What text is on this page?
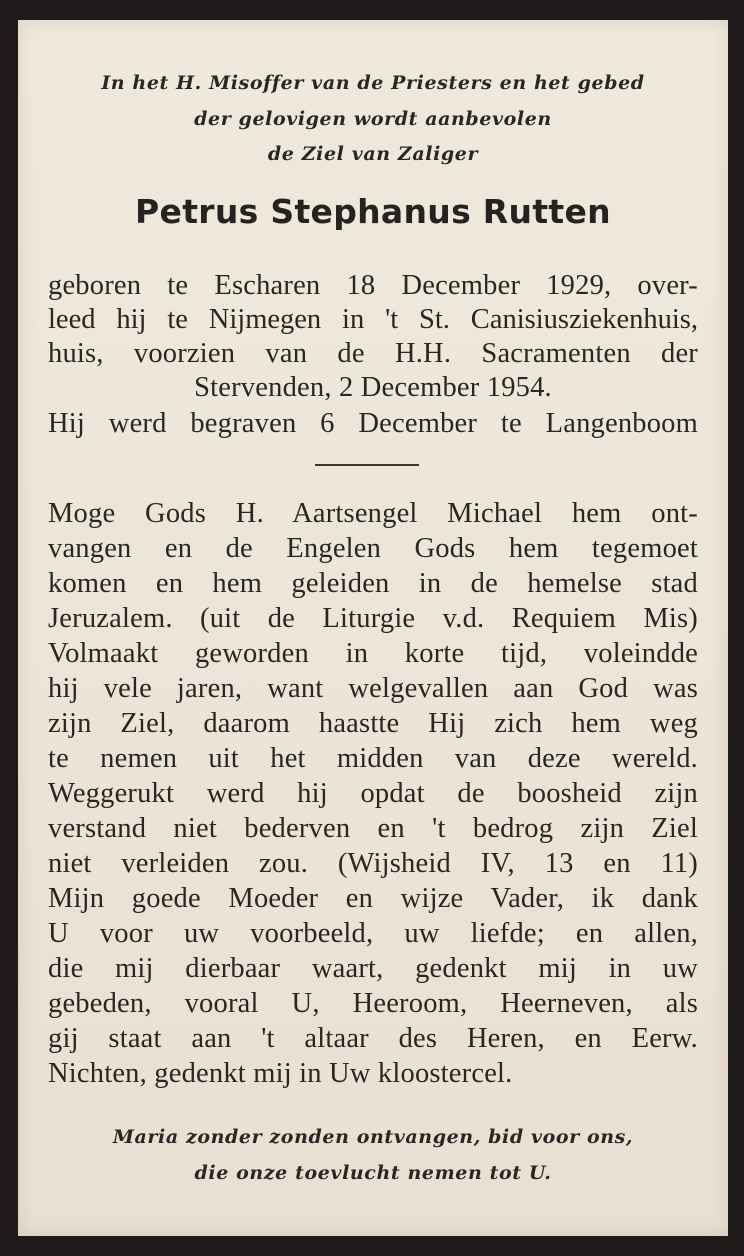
In het H. Misoffer van de Priesters en het gebed
der gelovigen wordt aanbevolen
de Ziel van Zaliger
Petrus Stephanus Rutten
geboren te Escharen 18 December 1929, over-
leed hij te Nijmegen in 't St. Canisiusziekenhuis,
huis, voorzien van de H.H. Sacramenten der
Stervenden, 2 December 1954.
Hij werd begraven 6 December te Langenboom
Moge Gods H. Aartsengel Michael hem ont-
vangen en de Engelen Gods hem tegemoet
komen en hem geleiden in de hemelse stad
Jeruzalem. (uit de Liturgie v.d. Requiem Mis)
Volmaakt geworden in korte tijd, voleindde
hij vele jaren, want welgevallen aan God was
zijn Ziel, daarom haastte Hij zich hem weg
te nemen uit het midden van deze wereld.
Weggerukt werd hij opdat de boosheid zijn
verstand niet bederven en 't bedrog zijn Ziel
niet verleiden zou. (Wijsheid IV, 13 en 11)
Mijn goede Moeder en wijze Vader, ik dank
U voor uw voorbeeld, uw liefde; en allen,
die mij dierbaar waart, gedenkt mij in uw
gebeden, vooral U, Heeroom, Heerneven, als
gij staat aan 't altaar des Heren, en Eerw.
Nichten, gedenkt mij in Uw kloostercel.
Maria zonder zonden ontvangen, bid voor ons,
die onze toevlucht nemen tot U.
